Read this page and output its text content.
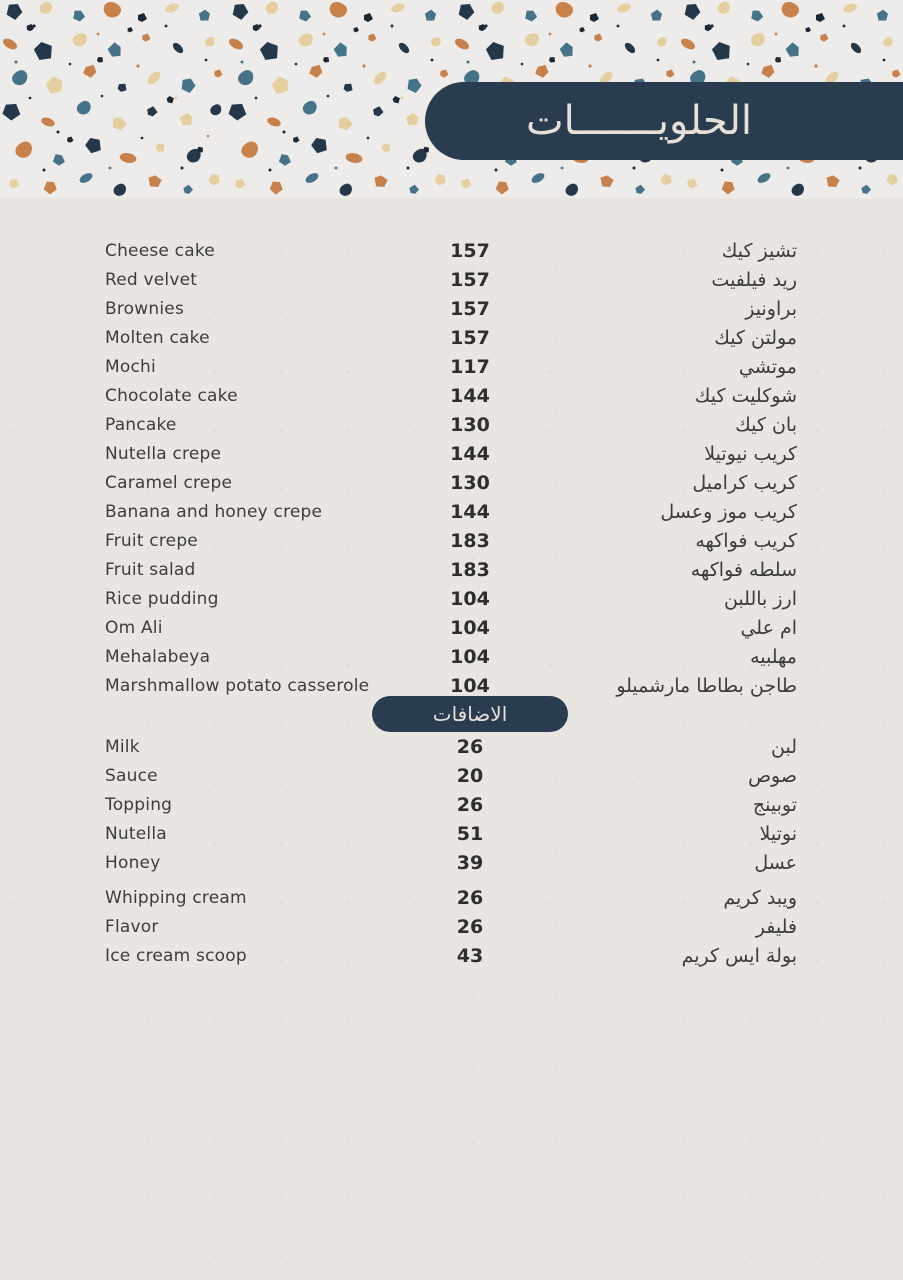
الحلويـــــــات
Cheese cake	157	تشيز كيك
Red velvet	157	ريد فيلفيت
Brownies	157	براونيز
Molten cake	157	مولتن كيك
Mochi	117	موتشي
Chocolate cake	144	شوكليت كيك
Pancake	130	بان كيك
Nutella crepe	144	كريب نيوتيلا
Caramel crepe	130	كريب كراميل
Banana and honey crepe	144	كريب موز وعسل
Fruit crepe	183	كريب فواكهه
Fruit salad	183	سلطه فواكهه
Rice pudding	104	ارز باللبن
Om Ali	104	ام علي
Mehalabeya	104	مهلبيه
Marshmallow potato casserole	104	طاجن بطاطا مارشميلو
الاضافات
Milk	26	لبن
Sauce	20	صوص
Topping	26	توبينج
Nutella	51	نوتيلا
Honey	39	عسل
Whipping cream	26	ويبد كريم
Flavor	26	فليفر
Ice cream scoop	43	بولة ايس كريم
